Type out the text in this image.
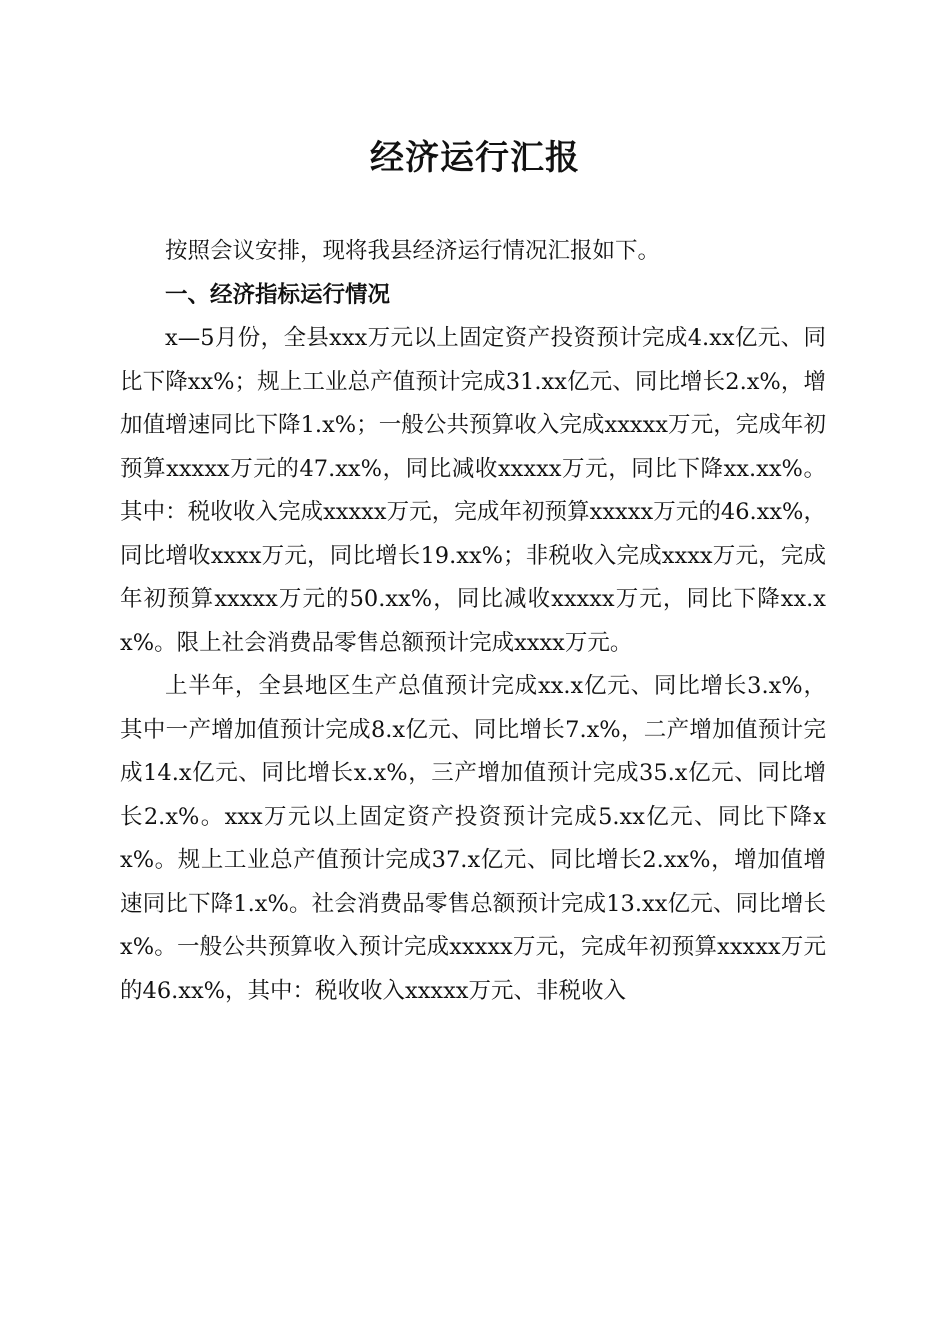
经济运行汇报

按照会议安排，现将我县经济运行情况汇报如下。

一、经济指标运行情况

x—5月份，全县xxx万元以上固定资产投资预计完成4.xx亿元、同比下降xx%；规上工业总产值预计完成31.xx亿元、同比增长2.x%，增加值增速同比下降1.x%；一般公共预算收入完成xxxxx万元，完成年初预算xxxxx万元的47.xx%，同比减收xxxxx万元，同比下降xx.xx%。其中：税收收入完成xxxxx万元，完成年初预算xxxxx万元的46.xx%，同比增收xxxx万元，同比增长19.xx%；非税收入完成xxxx万元，完成年初预算xxxxx万元的50.xx%，同比减收xxxxx万元，同比下降xx.xx%。限上社会消费品零售总额预计完成xxxx万元。

上半年，全县地区生产总值预计完成xx.x亿元、同比增长3.x%，其中一产增加值预计完成8.x亿元、同比增长7.x%，二产增加值预计完成14.x亿元、同比增长x.x%，三产增加值预计完成35.x亿元、同比增长2.x%。xxx万元以上固定资产投资预计完成5.xx亿元、同比下降xx%。规上工业总产值预计完成37.x亿元、同比增长2.xx%，增加值增速同比下降1.x%。社会消费品零售总额预计完成13.xx亿元、同比增长x%。一般公共预算收入预计完成xxxxx万元，完成年初预算xxxxx万元的46.xx%，其中：税收收入xxxxx万元、非税收入
